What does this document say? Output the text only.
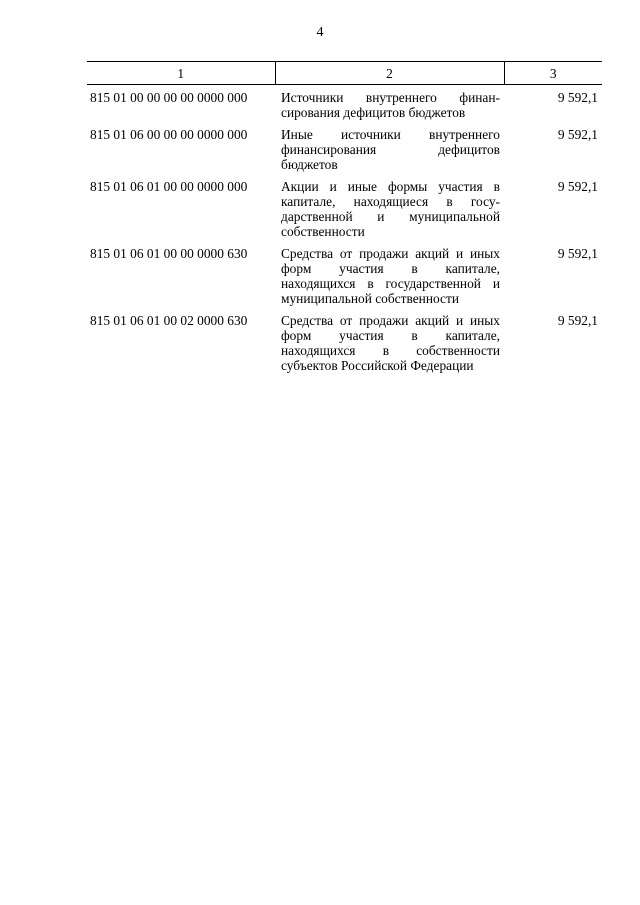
4
1	2	3
815 01 00 00 00 00 0000 000	Источники внутреннего финансирования дефицитов бюджетов	9 592,1
815 01 06 00 00 00 0000 000	Иные источники внутреннего финансирования дефицитов бюджетов	9 592,1
815 01 06 01 00 00 0000 000	Акции и иные формы участия в капитале, находящиеся в государственной и муниципальной собственности	9 592,1
815 01 06 01 00 00 0000 630	Средства от продажи акций и иных форм участия в капитале, находящихся в государственной и муниципальной собственности	9 592,1
815 01 06 01 00 02 0000 630	Средства от продажи акций и иных форм участия в капитале, находящихся в собственности субъектов Российской Федерации	9 592,1
